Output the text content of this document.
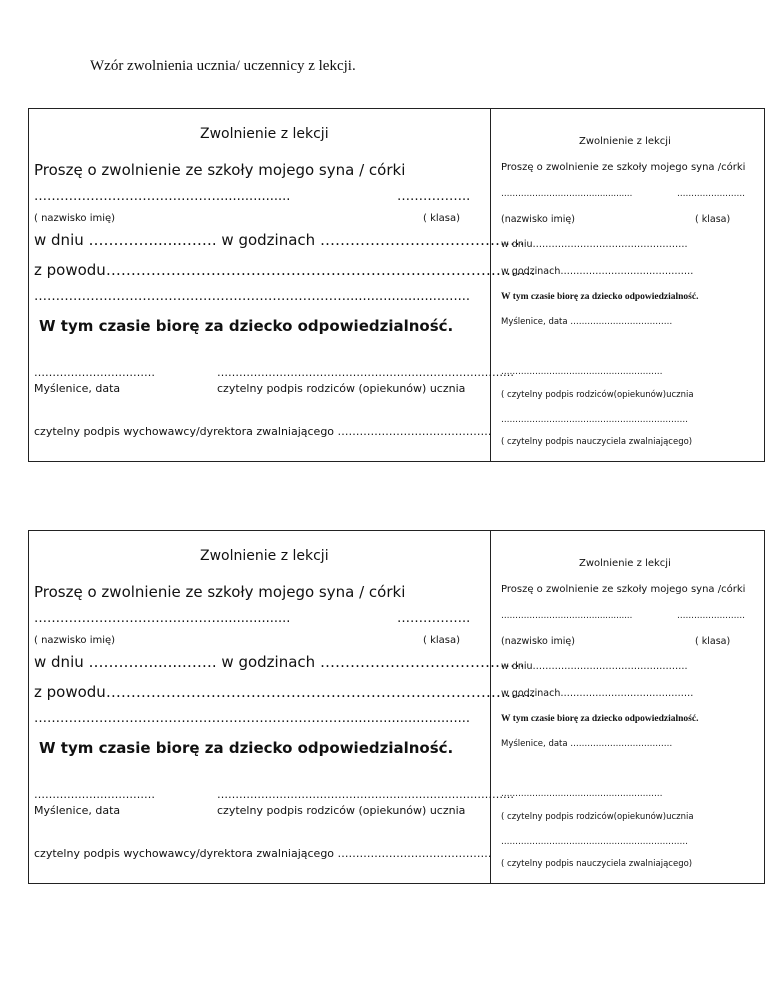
Wzór zwolnienia ucznia/ uczennicy z lekcji.
Zwolnienie z lekcji
Proszę o zwolnienie ze szkoły mojego syna / córki
…………………………….……….................	……………..
( nazwisko imię)	( klasa)
w dniu ………….......……. w godzinach …………………………………..
z powodu…………………………………………………………………………..
………………………………………………………………..............................
W tym czasie biorę za dziecko odpowiedzialność.
……………………………	………………………………………………………………………
Myślenice, data	czytelny podpis rodziców (opiekunów) ucznia
czytelny podpis wychowawcy/dyrektora zwalniającego ……………………………………
Zwolnienie z lekcji
Proszę o zwolnienie ze szkoły mojego syna /córki
……………………………..............	……………………
(nazwisko imię)	( klasa)
w dniu………………………………………….
w godzinach……………………………………
W tym czasie biorę za dziecko odpowiedzialność.
Myślenice, data ………………………………
…………………………………………………
( czytelny podpis rodziców(opiekunów)ucznia
…………………………………………………………
( czytelny podpis nauczyciela zwalniającego)
Zwolnienie z lekcji
Proszę o zwolnienie ze szkoły mojego syna / córki
…………………………….……….................	……………..
( nazwisko imię)	( klasa)
w dniu ………….......……. w godzinach …………………………………..
z powodu…………………………………………………………………………..
………………………………………………………………..............................
W tym czasie biorę za dziecko odpowiedzialność.
……………………………	………………………………………………………………………
Myślenice, data	czytelny podpis rodziców (opiekunów) ucznia
czytelny podpis wychowawcy/dyrektora zwalniającego ……………………………………
Zwolnienie z lekcji
Proszę o zwolnienie ze szkoły mojego syna /córki
……………………………..............	……………………
(nazwisko imię)	( klasa)
w dniu………………………………………….
w godzinach……………………………………
W tym czasie biorę za dziecko odpowiedzialność.
Myślenice, data ………………………………
…………………………………………………
( czytelny podpis rodziców(opiekunów)ucznia
…………………………………………………………
( czytelny podpis nauczyciela zwalniającego)
